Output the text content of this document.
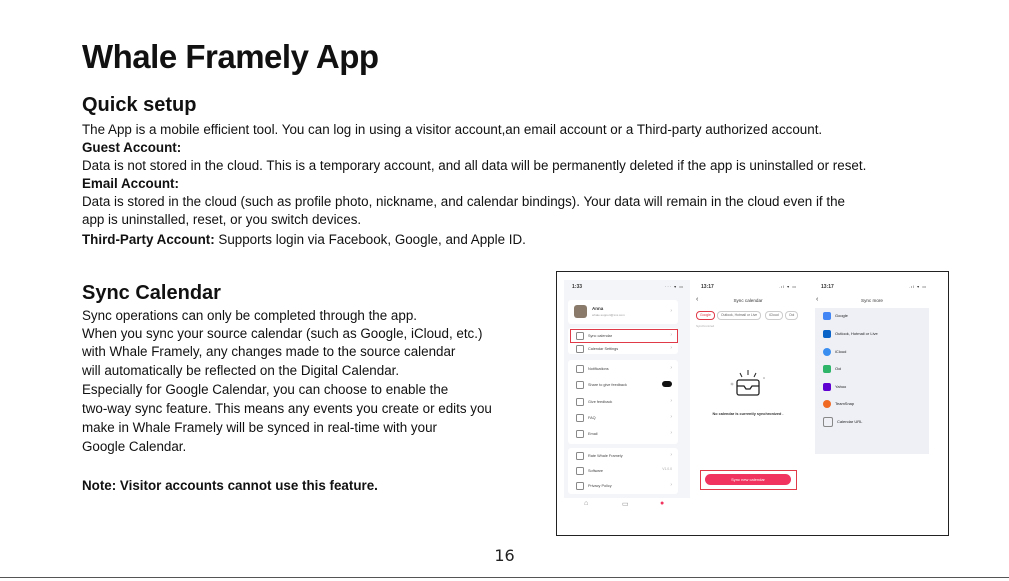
Whale Framely App
Quick setup

The App is a mobile efficient tool. You can log in using a visitor account,an email account or a Third-party authorized account.

Guest Account:

Data is not stored in the cloud. This is a temporary account, and all data will be permanently deleted if the app is uninstalled or reset.

Email Account:

Data is stored in the cloud (such as profile photo, nickname, and calendar bindings). Your data will remain in the cloud even if the

app is uninstalled, reset, or you switch devices.

Third-Party Account: Supports login via Facebook, Google, and Apple ID.

Sync Calendar

Sync operations can only be completed through the app.

When you sync your source calendar (such as Google, iCloud, etc.)

with Whale Framely, any changes made to the source calendar

will automatically be reflected on the Digital Calendar.

Especially for Google Calendar, you can choose to enable the

two-way sync feature. This means any events you create or edits you

make in Whale Framely will be synced in real-time with your

Google Calendar.

Note: Visitor accounts cannot use this feature.

1:33	··· ▾ ▭
Anna
whale.support@xxx.com
›
Sync calendar	›
Calendar Settings	›
Notifications	›
Share to give feedback
Give feedback	›
FAQ	›
Email	›
Rate Whale Framely	›
Software	V1.0.0
Privacy Policy	›
⌂	▭	●
13:17	.ıl ▾ ▭
‹	Sync calendar
Google	Outlook, Hotmail or Live	iCloud	Ooi
Synchronized
No calendar is currently synchronized .
Sync new calendar
13:17	.ıl ▾ ▭
‹	Sync more
Google
Outlook, Hotmail or Live
iCloud
Ooi
Yahoo
TeamSnap
Calendar URL
16
